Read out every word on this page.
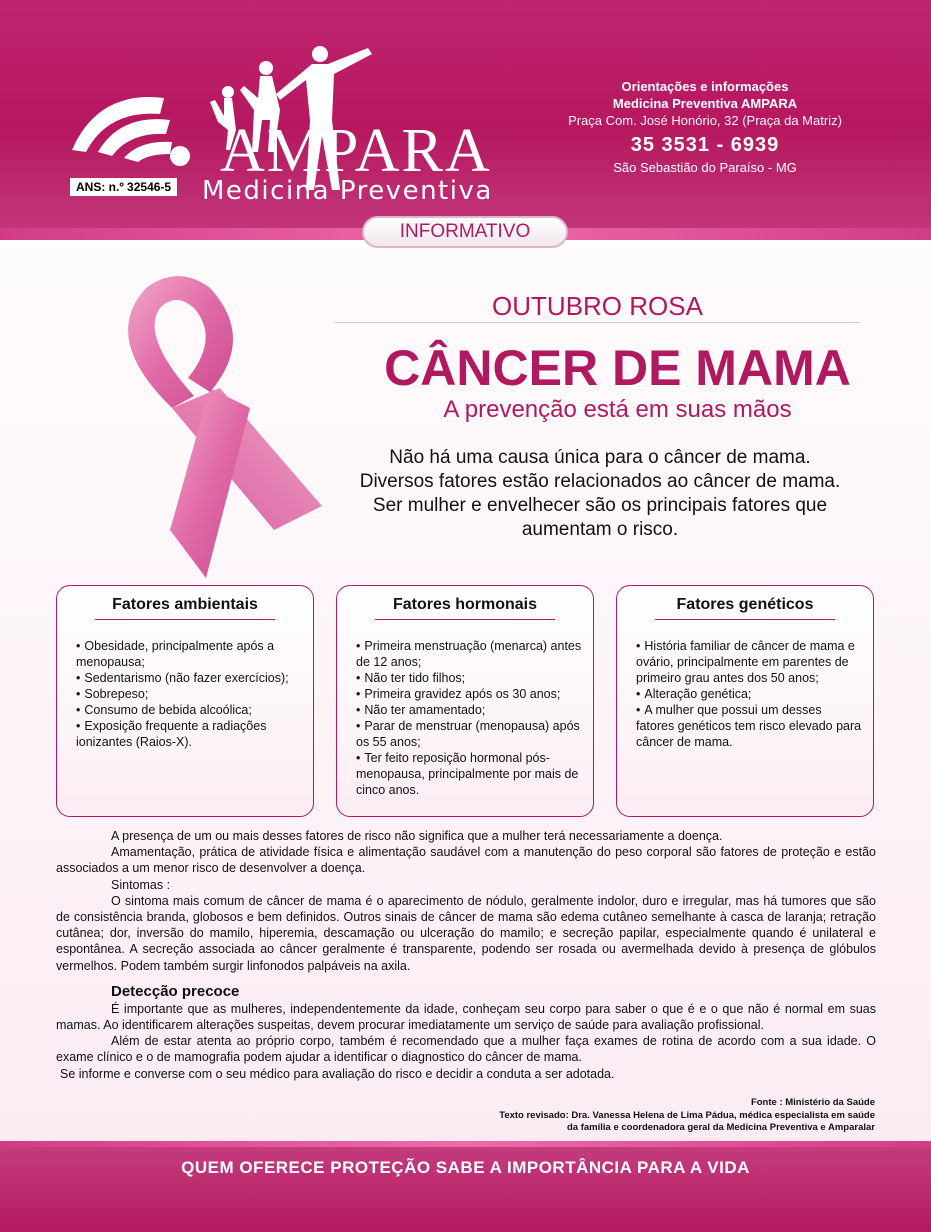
AMPARA
Medicina Preventiva
ANS: n.º 32546-5
Orientações e informações
Medicina Preventiva AMPARA
Praça Com. José Honório, 32 (Praça da Matriz)
35 3531 - 6939
São Sebastião do Paraíso - MG
INFORMATIVO
OUTUBRO ROSA
CÂNCER DE MAMA
A prevenção está em suas mãos
Não há uma causa única para o câncer de mama.
Diversos fatores estão relacionados ao câncer de mama.
Ser mulher e envelhecer são os principais fatores que
aumentam o risco.
Fatores ambientais
• Obesidade, principalmente após a menopausa;
• Sedentarismo (não fazer exercícios);
• Sobrepeso;
• Consumo de bebida alcoólica;
• Exposição frequente a radiações ionizantes (Raios-X).
Fatores hormonais
• Primeira menstruação (menarca) antes de 12 anos;
• Não ter tido filhos;
• Primeira gravidez após os 30 anos;
• Não ter amamentado;
• Parar de menstruar (menopausa) após os 55 anos;
• Ter feito reposição hormonal pós-menopausa, principalmente por mais de cinco anos.
Fatores genéticos
• História familiar de câncer de mama e ovário, principalmente em parentes de primeiro grau antes dos 50 anos;
• Alteração genética;
• A mulher que possui um desses fatores genéticos tem risco elevado para câncer de mama.

A presença de um ou mais desses fatores de risco não significa que a mulher terá necessariamente a doença.

Amamentação, prática de atividade física e alimentação saudável com a manutenção do peso corporal são fatores de proteção e estão associados a um menor risco de desenvolver a doença.

Sintomas :

O sintoma mais comum de câncer de mama é o aparecimento de nódulo, geralmente indolor, duro e irregular, mas há tumores que são de consistência branda, globosos e bem definidos. Outros sinais de câncer de mama são edema cutâneo semelhante à casca de laranja; retração cutânea; dor, inversão do mamilo, hiperemia, descamação ou ulceração do mamilo; e secreção papilar, especialmente quando é unilateral e espontânea. A secreção associada ao câncer geralmente é transparente, podendo ser rosada ou avermelhada devido à presença de glóbulos vermelhos. Podem também surgir linfonodos palpáveis na axila.

Detecção precoce

É importante que as mulheres, independentemente da idade, conheçam seu corpo para saber o que é e o que não é normal em suas mamas. Ao identificarem alterações suspeitas, devem procurar imediatamente um serviço de saúde para avaliação profissional.

Além de estar atenta ao próprio corpo, também é recomendado que a mulher faça exames de rotina de acordo com a sua idade. O exame clínico e o de mamografia podem ajudar a identificar o diagnostico do câncer de mama.

Se informe e converse com o seu médico para avaliação do risco e decidir a conduta a ser adotada.

Fonte : Ministério da Saúde
Texto revisado: Dra. Vanessa Helena de Lima Pádua, médica especialista em saúde
da família e coordenadora geral da Medicina Preventiva e Amparalar
QUEM OFERECE PROTEÇÃO SABE A IMPORTÂNCIA PARA A VIDA
